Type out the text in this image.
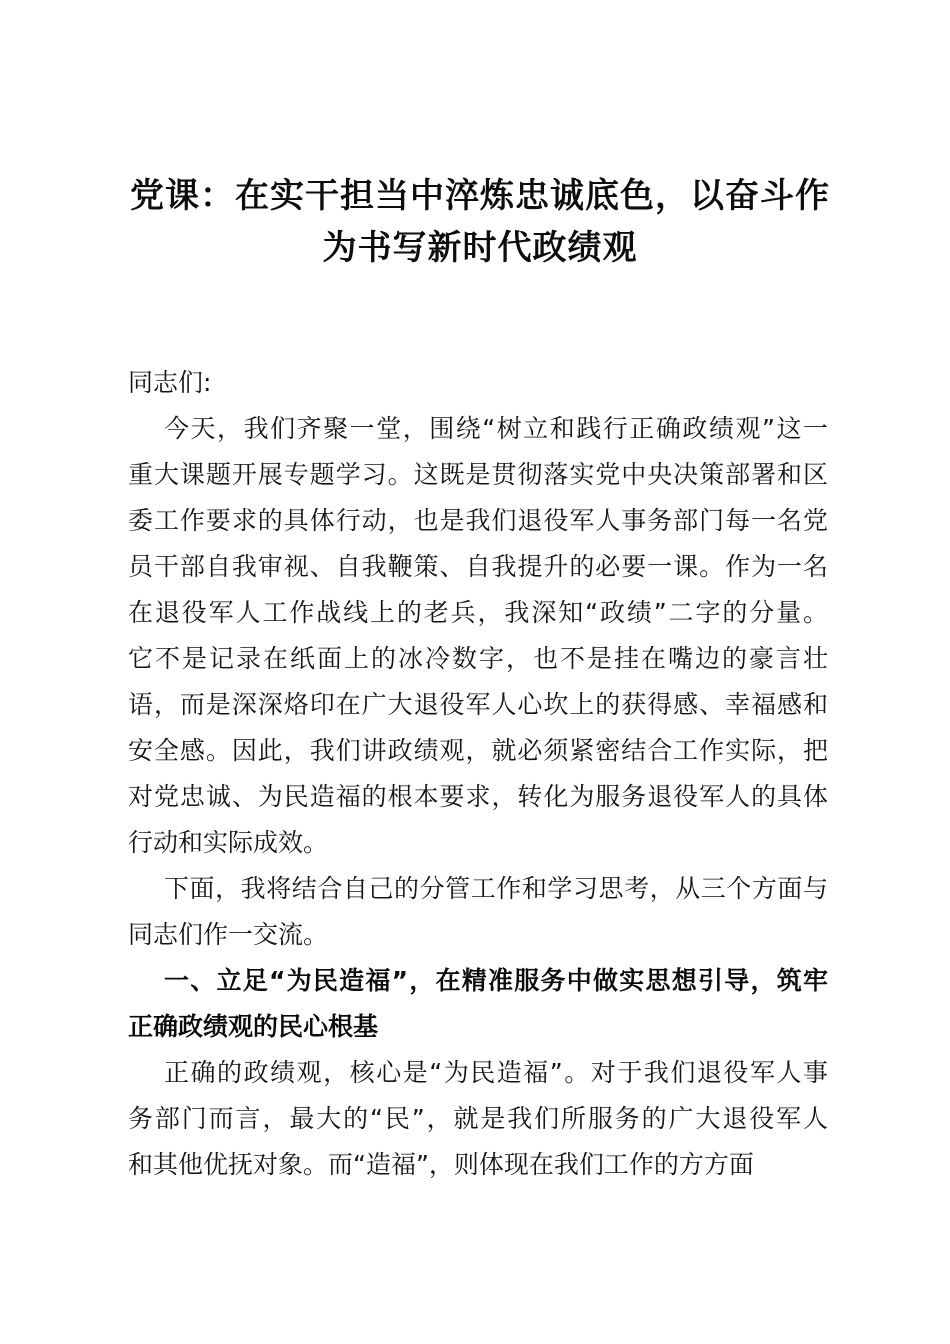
党课：在实干担当中淬炼忠诚底色，以奋斗作
为书写新时代政绩观
同志们:
今天，我们齐聚一堂，围绕“树立和践行正确政绩观”这一
重大课题开展专题学习。这既是贯彻落实党中央决策部署和区
委工作要求的具体行动，也是我们退役军人事务部门每一名党
员干部自我审视、自我鞭策、自我提升的必要一课。作为一名
在退役军人工作战线上的老兵，我深知“政绩”二字的分量。
它不是记录在纸面上的冰冷数字，也不是挂在嘴边的豪言壮
语，而是深深烙印在广大退役军人心坎上的获得感、幸福感和
安全感。因此，我们讲政绩观，就必须紧密结合工作实际，把
对党忠诚、为民造福的根本要求，转化为服务退役军人的具体
行动和实际成效。
下面，我将结合自己的分管工作和学习思考，从三个方面与
同志们作一交流。
一、立足“为民造福”，在精准服务中做实思想引导，筑牢
正确政绩观的民心根基
正确的政绩观，核心是“为民造福”。对于我们退役军人事
务部门而言，最大的“民”，就是我们所服务的广大退役军人
和其他优抚对象。而“造福”，则体现在我们工作的方方面
